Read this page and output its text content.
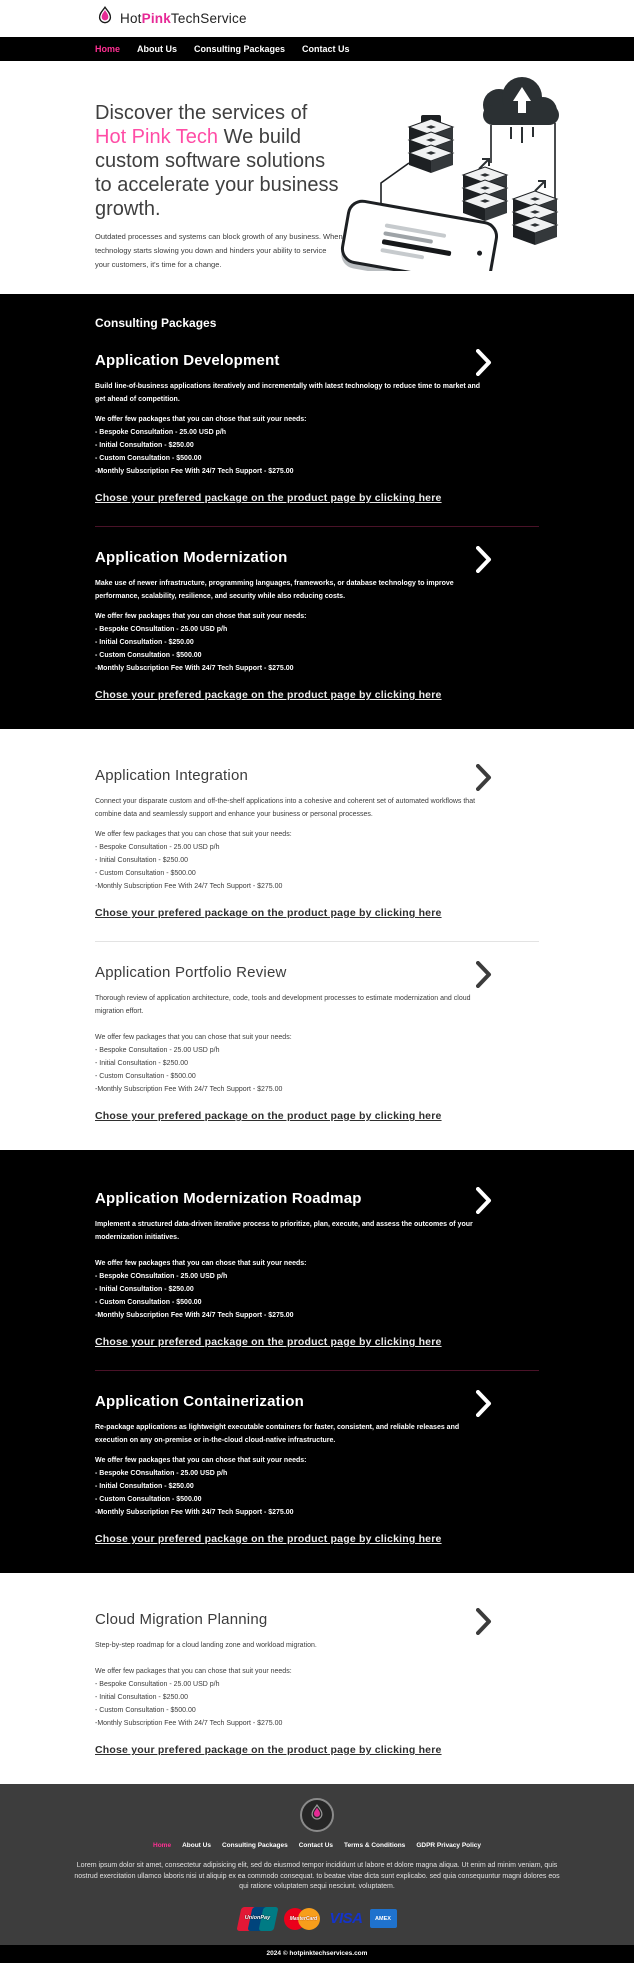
HotPinkTechService
Home About Us Consulting Packages Contact Us
Discover the services of Hot Pink Tech We build custom software solutions to accelerate your business growth.

Outdated processes and systems can block growth of any business. When technology starts slowing you down and hinders your ability to service your customers, it's time for a change.

Consulting Packages
Application Development

Build line-of-business applications iteratively and incrementally with latest technology to reduce time to market and get ahead of competition.

We offer few packages that you can chose that suit your needs:

- Bespoke Consultation - 25.00 USD p/h
- Initial Consultation - $250.00
- Custom Consultation - $500.00
-Monthly Subscription Fee With 24/7 Tech Support - $275.00
Chose your prefered package on the product page by clicking here
Application Modernization

Make use of newer infrastructure, programming languages, frameworks, or database technology to improve performance, scalability, resilience, and security while also reducing costs.

We offer few packages that you can chose that suit your needs:

- Bespoke COnsultation - 25.00 USD p/h
- Initial Consultation - $250.00
- Custom Consultation - $500.00
-Monthly Subscription Fee With 24/7 Tech Support - $275.00
Chose your prefered package on the product page by clicking here
Application Integration

Connect your disparate custom and off-the-shelf applications into a cohesive and coherent set of automated workflows that combine data and seamlessly support and enhance your business or personal processes.

We offer few packages that you can chose that suit your needs:

- Bespoke Consultation - 25.00 USD p/h
- Initial Consultation - $250.00
- Custom Consultation - $500.00
-Monthly Subscription Fee With 24/7 Tech Support - $275.00
Chose your prefered package on the product page by clicking here
Application Portfolio Review

Thorough review of application architecture, code, tools and development processes to estimate modernization and cloud migration effort.

We offer few packages that you can chose that suit your needs:

- Bespoke Consultation - 25.00 USD p/h
- Initial Consultation - $250.00
- Custom Consultation - $500.00
-Monthly Subscription Fee With 24/7 Tech Support - $275.00
Chose your prefered package on the product page by clicking here
Application Modernization Roadmap

Implement a structured data-driven iterative process to prioritize, plan, execute, and assess the outcomes of your modernization initiatives.

We offer few packages that you can chose that suit your needs:

- Bespoke COnsultation - 25.00 USD p/h
- Initial Consultation - $250.00
- Custom Consultation - $500.00
-Monthly Subscription Fee With 24/7 Tech Support - $275.00
Chose your prefered package on the product page by clicking here
Application Containerization

Re-package applications as lightweight executable containers for faster, consistent, and reliable releases and execution on any on-premise or in-the-cloud cloud-native infrastructure.

We offer few packages that you can chose that suit your needs:

- Bespoke COnsultation - 25.00 USD p/h
- Initial Consultation - $250.00
- Custom Consultation - $500.00
-Monthly Subscription Fee With 24/7 Tech Support - $275.00
Chose your prefered package on the product page by clicking here
Cloud Migration Planning

Step-by-step roadmap for a cloud landing zone and workload migration.

We offer few packages that you can chose that suit your needs:

- Bespoke Consultation - 25.00 USD p/h
- Initial Consultation - $250.00
- Custom Consultation - $500.00
-Monthly Subscription Fee With 24/7 Tech Support - $275.00
Chose your prefered package on the product page by clicking here
Home About Us Consulting Packages Contact Us Terms & Conditions GDPR Privacy Policy

Lorem ipsum dolor sit amet, consectetur adipisicing elit, sed do eiusmod tempor incididunt ut labore et dolore magna aliqua. Ut enim ad minim veniam, quis nostrud exercitation ullamco laboris nisi ut aliquip ex ea commodo consequat. to beatae vitae dicta sunt explicabo. sed quia consequuntur magni dolores eos qui ratione voluptatem sequi nesciunt. voluptatem.

UnionPay	MasterCard VISA	AMEX
2024 © hotpinktechservices.com
